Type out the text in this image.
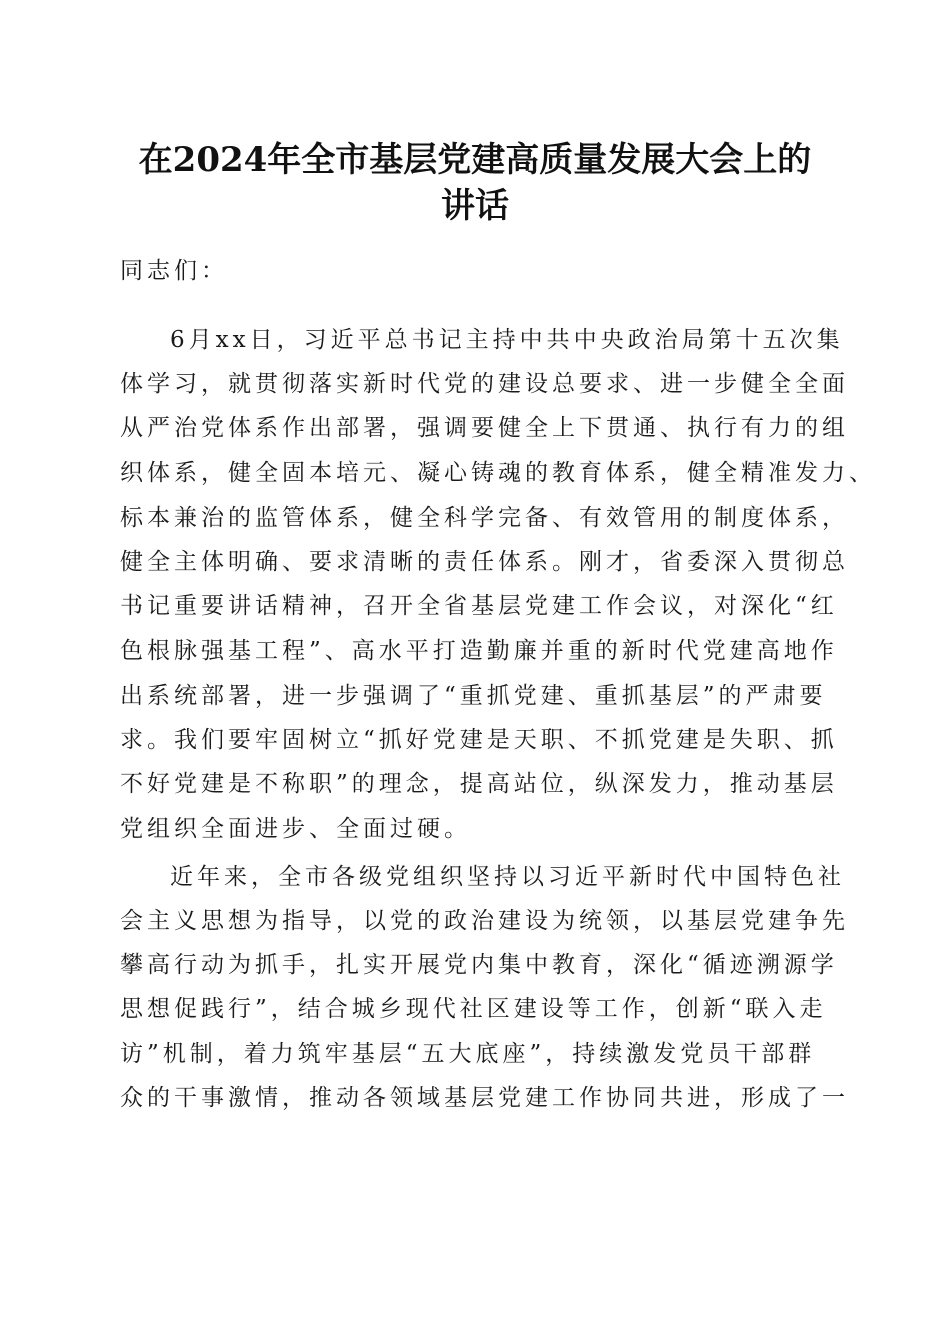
在2024年全市基层党建高质量发展大会上的
讲话
同志们：
6月xx日，习近平总书记主持中共中央政治局第十五次集
体学习，就贯彻落实新时代党的建设总要求、进一步健全全面
从严治党体系作出部署，强调要健全上下贯通、执行有力的组
织体系，健全固本培元、凝心铸魂的教育体系，健全精准发力、
标本兼治的监管体系，健全科学完备、有效管用的制度体系，
健全主体明确、要求清晰的责任体系。刚才，省委深入贯彻总
书记重要讲话精神，召开全省基层党建工作会议，对深化“红
色根脉强基工程”、高水平打造勤廉并重的新时代党建高地作
出系统部署，进一步强调了“重抓党建、重抓基层”的严肃要
求。我们要牢固树立“抓好党建是天职、不抓党建是失职、抓
不好党建是不称职”的理念，提高站位，纵深发力，推动基层
党组织全面进步、全面过硬。
近年来，全市各级党组织坚持以习近平新时代中国特色社
会主义思想为指导，以党的政治建设为统领，以基层党建争先
攀高行动为抓手，扎实开展党内集中教育，深化“循迹溯源学
思想促践行”，结合城乡现代社区建设等工作，创新“联入走
访”机制，着力筑牢基层“五大底座”，持续激发党员干部群
众的干事激情，推动各领域基层党建工作协同共进，形成了一
